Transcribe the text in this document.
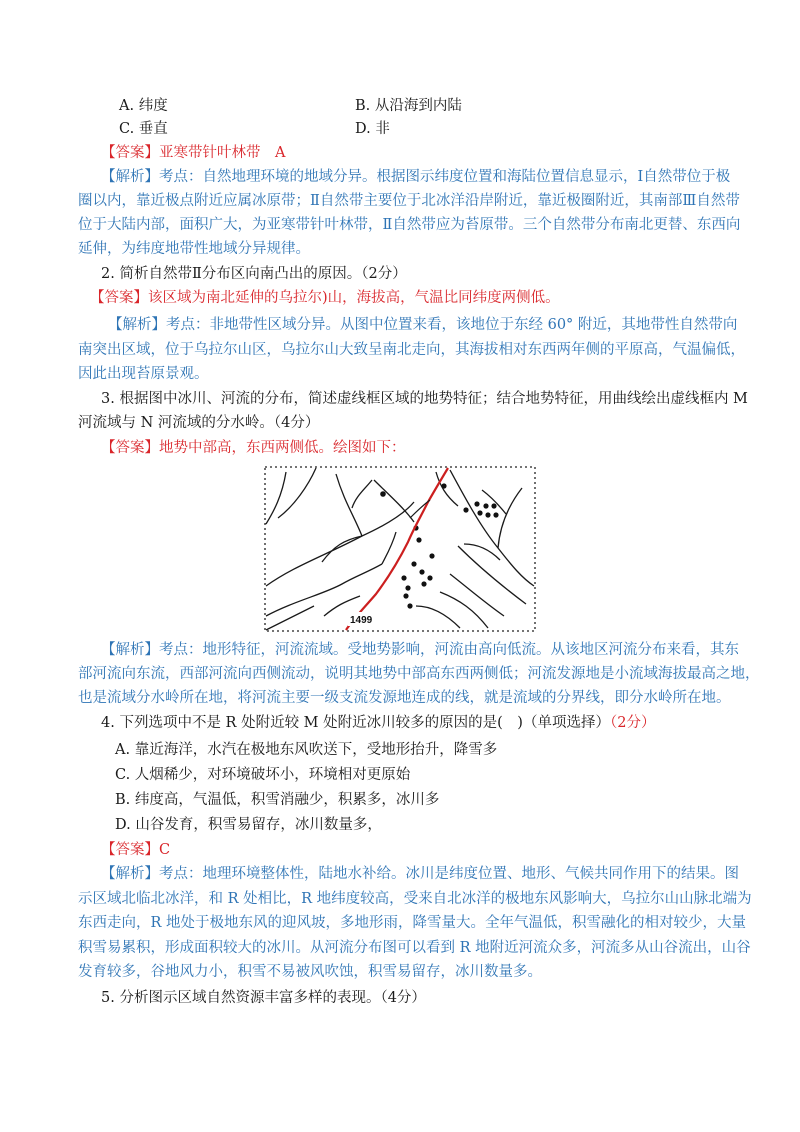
A. 纬度	B. 从沿海到内陆
C. 垂直	D. 非
【答案】亚寒带针叶林带　A
【解析】考点：自然地理环境的地域分异。根据图示纬度位置和海陆位置信息显示，Ⅰ自然带位于极
圈以内，靠近极点附近应属冰原带；Ⅱ自然带主要位于北冰洋沿岸附近，靠近极圈附近，其南部Ⅲ自然带
位于大陆内部，面积广大，为亚寒带针叶林带，Ⅱ自然带应为苔原带。三个自然带分布南北更替、东西向
延伸，为纬度地带性地域分异规律。
2. 简析自然带Ⅱ分布区向南凸出的原因。（2分）
【答案】该区域为南北延伸的乌拉尔)山，海拔高，气温比同纬度两侧低。
【解析】考点：非地带性区域分异。从图中位置来看，该地位于东经 60° 附近，其地带性自然带向
南突出区域，位于乌拉尔山区，乌拉尔山大致呈南北走向，其海拔相对东西两年侧的平原高，气温偏低，
因此出现苔原景观。
3. 根据图中冰川、河流的分布，简述虚线框区域的地势特征；结合地势特征，用曲线绘出虚线框内 M
河流域与 N 河流域的分水岭。（4分）
【答案】地势中部高，东西两侧低。绘图如下：
1499
【解析】考点：地形特征，河流流域。受地势影响，河流由高向低流。从该地区河流分布来看，其东
部河流向东流，西部河流向西侧流动，说明其地势中部高东西两侧低；河流发源地是小流域海拔最高之地，
也是流域分水岭所在地，将河流主要一级支流发源地连成的线，就是流域的分界线，即分水岭所在地。
4. 下列选项中不是 R 处附近较 M 处附近冰川较多的原因的是(　)（单项选择）（2分）
A. 靠近海洋，水汽在极地东风吹送下，受地形抬升，降雪多
C. 人烟稀少，对环境破坏小，环境相对更原始
B. 纬度高，气温低，积雪消融少，积累多，冰川多
D. 山谷发育，积雪易留存，冰川数量多，
【答案】C
【解析】考点：地理环境整体性，陆地水补给。冰川是纬度位置、地形、气候共同作用下的结果。图
示区域北临北冰洋，和 R 处相比，R 地纬度较高，受来自北冰洋的极地东风影响大，乌拉尔山山脉北端为
东西走向，R 地处于极地东风的迎风坡，多地形雨，降雪量大。全年气温低，积雪融化的相对较少，大量
积雪易累积，形成面积较大的冰川。从河流分布图可以看到 R 地附近河流众多，河流多从山谷流出，山谷
发育较多，谷地风力小，积雪不易被风吹蚀，积雪易留存，冰川数量多。
5. 分析图示区域自然资源丰富多样的表现。（4分）
